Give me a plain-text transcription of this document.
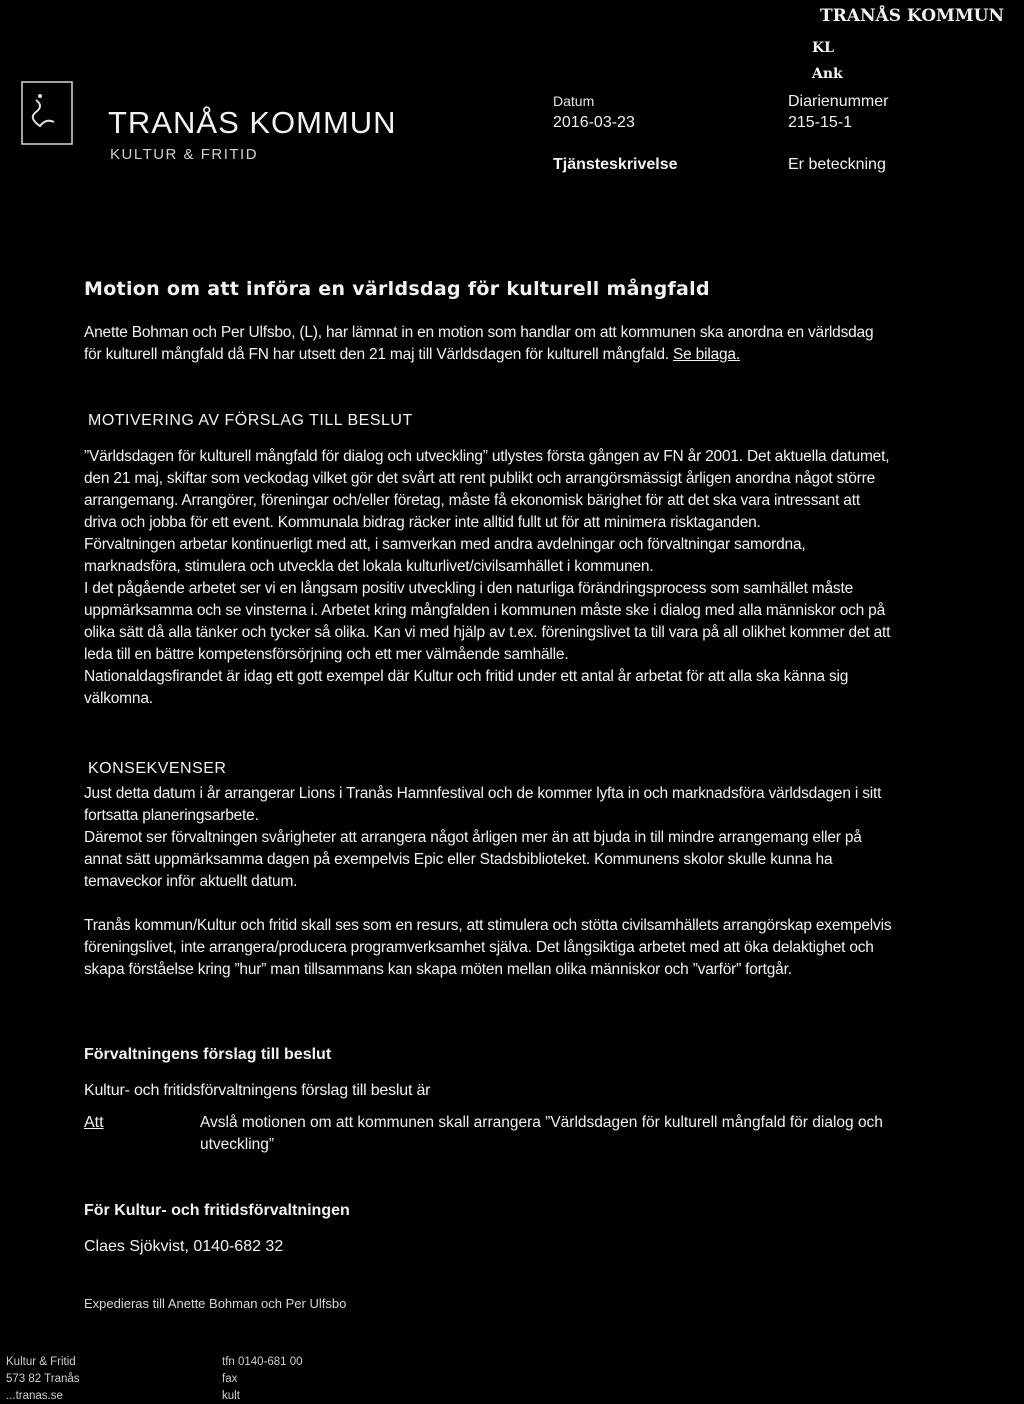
TRANÅS KOMMUN
KULTUR & FRITID
Datum
2016-03-23
Tjänsteskrivelse
Diarienummer
215-15-1
Er beteckning
TRANÅS KOMMUN
KL
Ank
Motion om att införa en världsdag för kulturell mångfald

Anette Bohman och Per Ulfsbo, (L), har lämnat in en motion som handlar om att kommunen ska anordna en världsdag för kulturell mångfald då FN har utsett den 21 maj till Världsdagen för kulturell mångfald. Se bilaga.

MOTIVERING AV FÖRSLAG TILL BESLUT

”Världsdagen för kulturell mångfald för dialog och utveckling” utlystes första gången av FN år 2001. Det aktuella datumet, den 21 maj, skiftar som veckodag vilket gör det svårt att rent publikt och arrangörsmässigt årligen anordna något större arrangemang. Arrangörer, föreningar och/eller företag, måste få ekonomisk bärighet för att det ska vara intressant att driva och jobba för ett event. Kommunala bidrag räcker inte alltid fullt ut för att minimera risktaganden.

Förvaltningen arbetar kontinuerligt med att, i samverkan med andra avdelningar och förvaltningar samordna, marknadsföra, stimulera och utveckla det lokala kulturlivet/civilsamhället i kommunen.

I det pågående arbetet ser vi en långsam positiv utveckling i den naturliga förändringsprocess som samhället måste uppmärksamma och se vinsterna i. Arbetet kring mångfalden i kommunen måste ske i dialog med alla människor och på olika sätt då alla tänker och tycker så olika. Kan vi med hjälp av t.ex. föreningslivet ta till vara på all olikhet kommer det att leda till en bättre kompetensförsörjning och ett mer välmående samhälle.

Nationaldagsfirandet är idag ett gott exempel där Kultur och fritid under ett antal år arbetat för att alla ska känna sig välkomna.

KONSEKVENSER

Just detta datum i år arrangerar Lions i Tranås Hamnfestival och de kommer lyfta in och marknadsföra världsdagen i sitt fortsatta planeringsarbete.

Däremot ser förvaltningen svårigheter att arrangera något årligen mer än att bjuda in till mindre arrangemang eller på annat sätt uppmärksamma dagen på exempelvis Epic eller Stadsbiblioteket. Kommunens skolor skulle kunna ha temaveckor inför aktuellt datum.

Tranås kommun/Kultur och fritid skall ses som en resurs, att stimulera och stötta civilsamhällets arrangörskap exempelvis föreningslivet, inte arrangera/producera programverksamhet själva. Det långsiktiga arbetet med att öka delaktighet och skapa förståelse kring ”hur” man tillsammans kan skapa möten mellan olika människor och ”varför” fortgår.
Förvaltningens förslag till beslut
Kultur- och fritidsförvaltningens förslag till beslut är
Att	Avslå motionen om att kommunen skall arrangera ”Världsdagen för kulturell mångfald för dialog och utveckling”
För Kultur- och fritidsförvaltningen
Claes Sjökvist, 0140-682 32
Expedieras till Anette Bohman och Per Ulfsbo
Kultur & Fritid
573 82 Tranås
...tranas.se
tfn 0140-681 00
fax
kult
